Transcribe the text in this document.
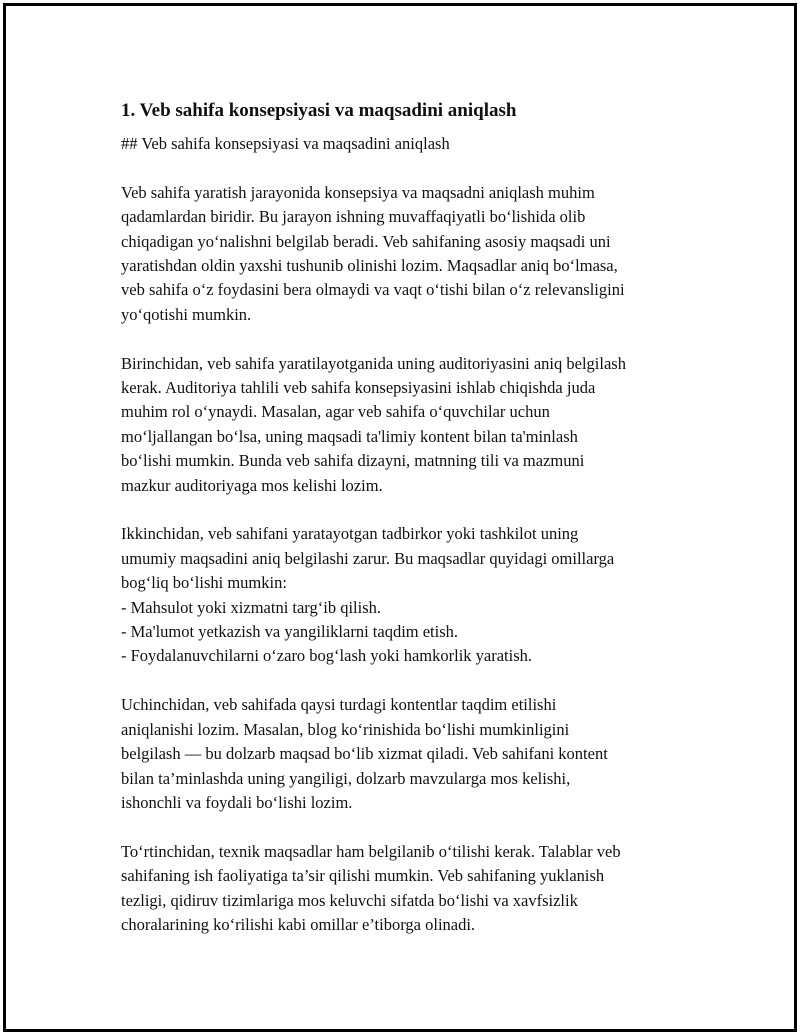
1. Veb sahifa konsepsiyasi va maqsadini aniqlash
## Veb sahifa konsepsiyasi va maqsadini aniqlash

Veb sahifa yaratish jarayonida konsepsiya va maqsadni aniqlash muhim
qadamlardan biridir. Bu jarayon ishning muvaffaqiyatli bo‘lishida olib
chiqadigan yo‘nalishni belgilab beradi. Veb sahifaning asosiy maqsadi uni
yaratishdan oldin yaxshi tushunib olinishi lozim. Maqsadlar aniq bo‘lmasa,
veb sahifa o‘z foydasini bera olmaydi va vaqt o‘tishi bilan o‘z relevansligini
yo‘qotishi mumkin.

Birinchidan, veb sahifa yaratilayotganida uning auditoriyasini aniq belgilash
kerak. Auditoriya tahlili veb sahifa konsepsiyasini ishlab chiqishda juda
muhim rol o‘ynaydi. Masalan, agar veb sahifa o‘quvchilar uchun
mo‘ljallangan bo‘lsa, uning maqsadi ta'limiy kontent bilan ta'minlash
bo‘lishi mumkin. Bunda veb sahifa dizayni, matnning tili va mazmuni
mazkur auditoriyaga mos kelishi lozim.

Ikkinchidan, veb sahifani yaratayotgan tadbirkor yoki tashkilot uning
umumiy maqsadini aniq belgilashi zarur. Bu maqsadlar quyidagi omillarga
bog‘liq bo‘lishi mumkin:
- Mahsulot yoki xizmatni targ‘ib qilish.
- Ma'lumot yetkazish va yangiliklarni taqdim etish.
- Foydalanuvchilarni o‘zaro bog‘lash yoki hamkorlik yaratish.

Uchinchidan, veb sahifada qaysi turdagi kontentlar taqdim etilishi
aniqlanishi lozim. Masalan, blog ko‘rinishida bo‘lishi mumkinligini
belgilash — bu dolzarb maqsad bo‘lib xizmat qiladi. Veb sahifani kontent
bilan ta’minlashda uning yangiligi, dolzarb mavzularga mos kelishi,
ishonchli va foydali bo‘lishi lozim.

To‘rtinchidan, texnik maqsadlar ham belgilanib o‘tilishi kerak. Talablar veb
sahifaning ish faoliyatiga ta’sir qilishi mumkin. Veb sahifaning yuklanish
tezligi, qidiruv tizimlariga mos keluvchi sifatda bo‘lishi va xavfsizlik
choralarining ko‘rilishi kabi omillar e’tiborga olinadi.
